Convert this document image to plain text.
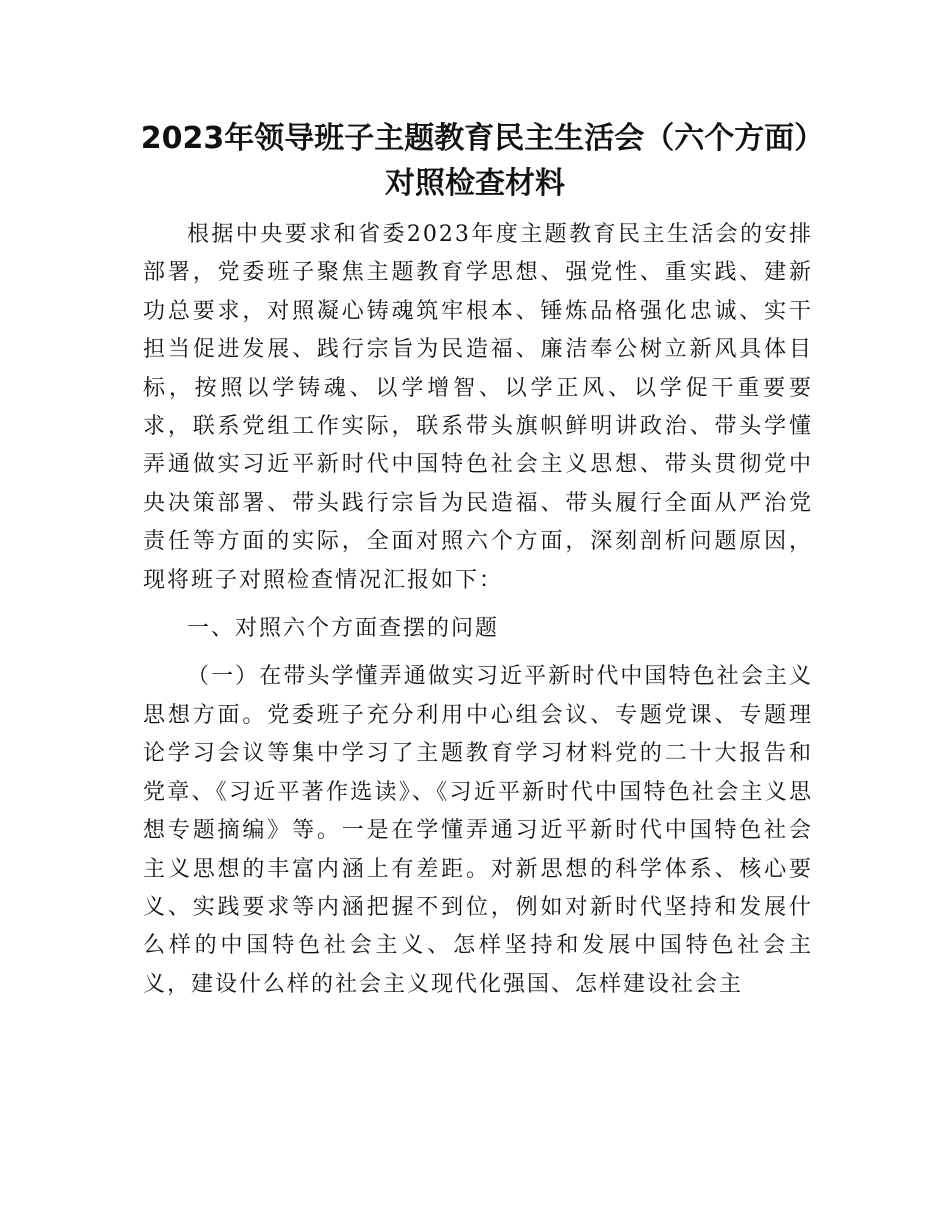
2023年领导班子主题教育民主生活会（六个方面）对照检查材料

根据中央要求和省委2023年度主题教育民主生活会的安排部署，党委班子聚焦主题教育学思想、强党性、重实践、建新功总要求，对照凝心铸魂筑牢根本、锤炼品格强化忠诚、实干担当促进发展、践行宗旨为民造福、廉洁奉公树立新风具体目标，按照以学铸魂、以学增智、以学正风、以学促干重要要求，联系党组工作实际，联系带头旗帜鲜明讲政治、带头学懂弄通做实习近平新时代中国特色社会主义思想、带头贯彻党中央决策部署、带头践行宗旨为民造福、带头履行全面从严治党责任等方面的实际，全面对照六个方面，深刻剖析问题原因，现将班子对照检查情况汇报如下：

一、对照六个方面查摆的问题

（一）在带头学懂弄通做实习近平新时代中国特色社会主义思想方面。党委班子充分利用中心组会议、专题党课、专题理论学习会议等集中学习了主题教育学习材料党的二十大报告和党章、《习近平著作选读》、《习近平新时代中国特色社会主义思想专题摘编》等。一是在学懂弄通习近平新时代中国特色社会主义思想的丰富内涵上有差距。对新思想的科学体系、核心要义、实践要求等内涵把握不到位，例如对新时代坚持和发展什么样的中国特色社会主义、怎样坚持和发展中国特色社会主义，建设什么样的社会主义现代化强国、怎样建设社会主
